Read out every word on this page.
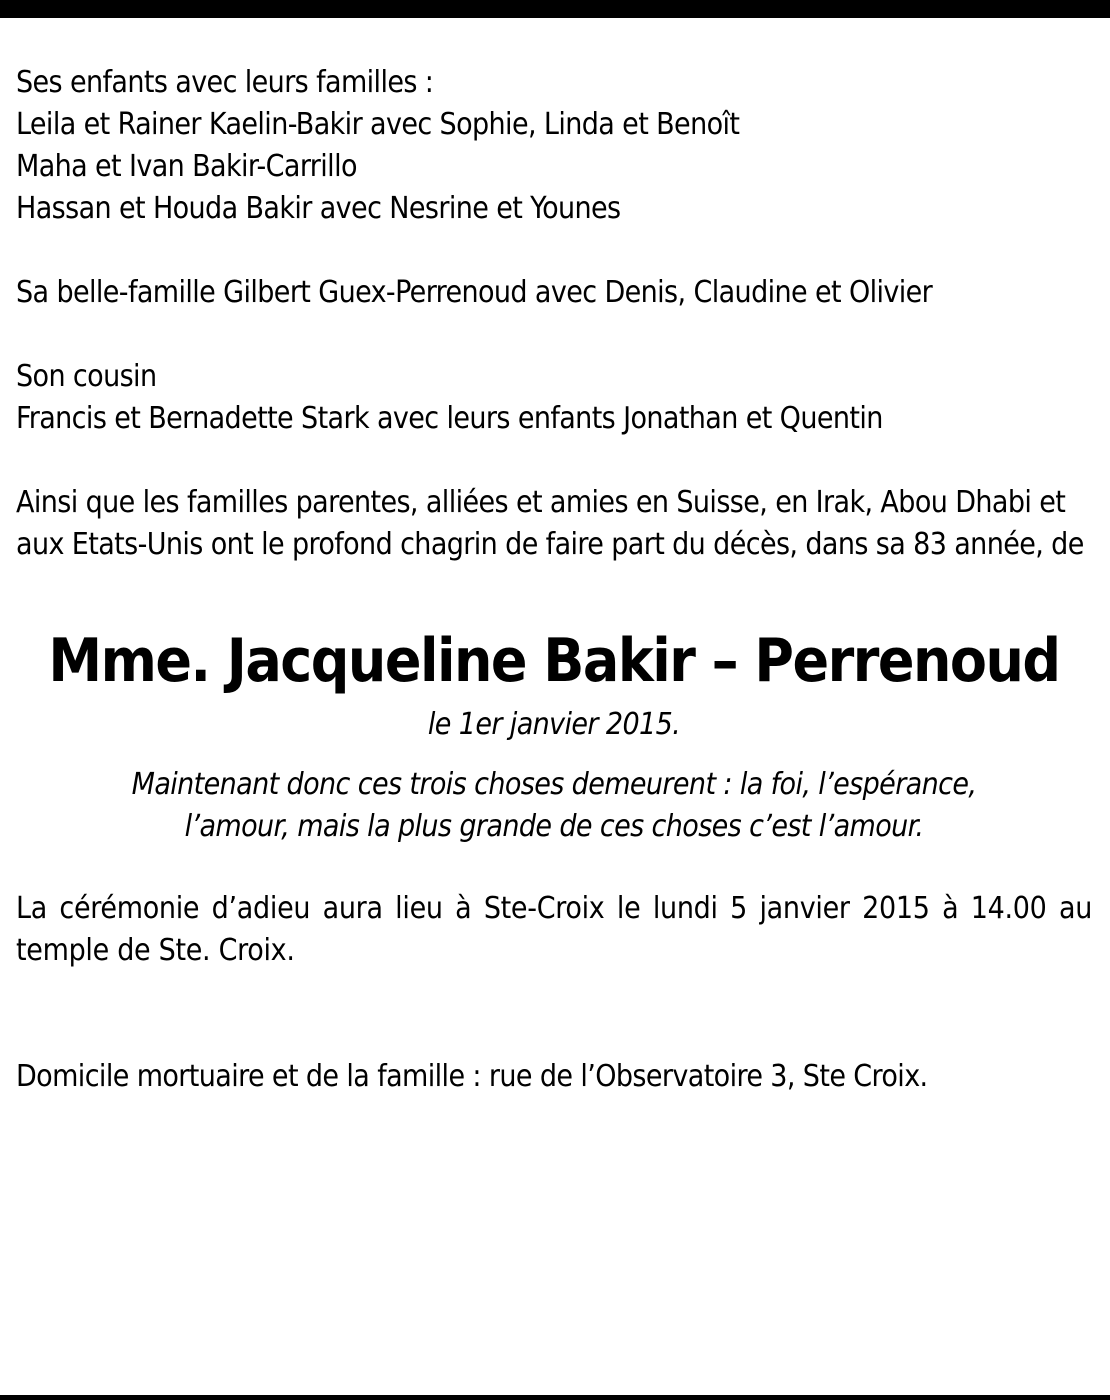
Ses enfants avec leurs familles :
Leila et Rainer Kaelin-Bakir avec Sophie, Linda et Benoît
Maha et Ivan Bakir-Carrillo
Hassan et Houda Bakir avec Nesrine et Younes
Sa belle-famille Gilbert Guex-Perrenoud avec Denis, Claudine et Olivier
Son cousin
Francis et Bernadette Stark avec leurs enfants Jonathan et Quentin
Ainsi que les familles parentes, alliées et amies en Suisse, en Irak, Abou Dhabi et aux Etats-Unis ont le profond chagrin de faire part du décès, dans sa 83 année, de
Mme. Jacqueline Bakir – Perrenoud
le 1er janvier 2015.
Maintenant donc ces trois choses demeurent : la foi, l’espérance,
l’amour, mais la plus grande de ces choses c’est l’amour.
La cérémonie d’adieu aura lieu à Ste-Croix le lundi 5 janvier 2015 à 14.00 au temple de Ste. Croix.
Domicile mortuaire et de la famille : rue de l’Observatoire 3, Ste Croix.
